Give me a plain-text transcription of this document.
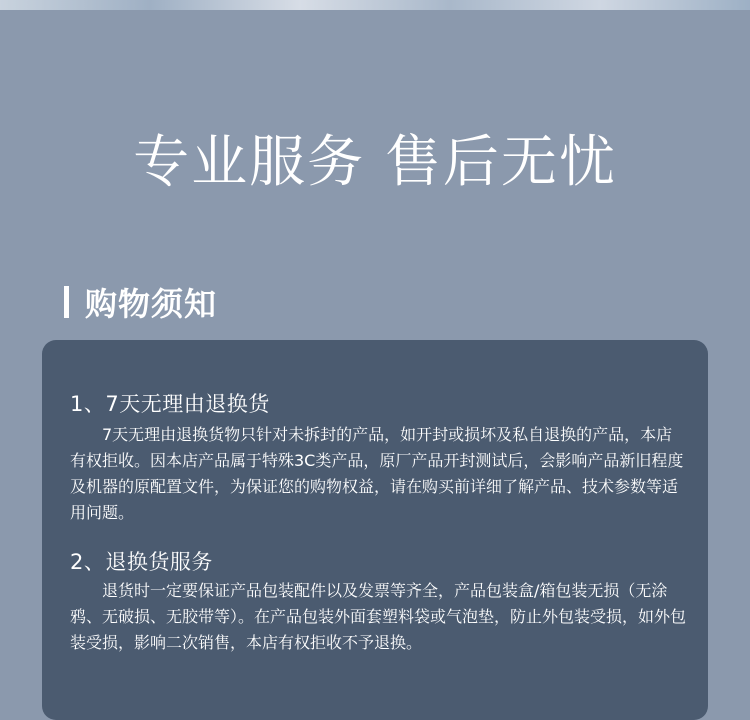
专业服务 售后无忧
购物须知
1、7天无理由退换货
7天无理由退换货物只针对未拆封的产品，如开封或损坏及私自退换的产品，本店有权拒收。因本店产品属于特殊3C类产品，原厂产品开封测试后，会影响产品新旧程度及机器的原配置文件，为保证您的购物权益，请在购买前详细了解产品、技术参数等适用问题。
2、退换货服务
退货时一定要保证产品包装配件以及发票等齐全，产品包装盒/箱包装无损（无涂鸦、无破损、无胶带等）。在产品包装外面套塑料袋或气泡垫，防止外包装受损，如外包装受损，影响二次销售，本店有权拒收不予退换。
